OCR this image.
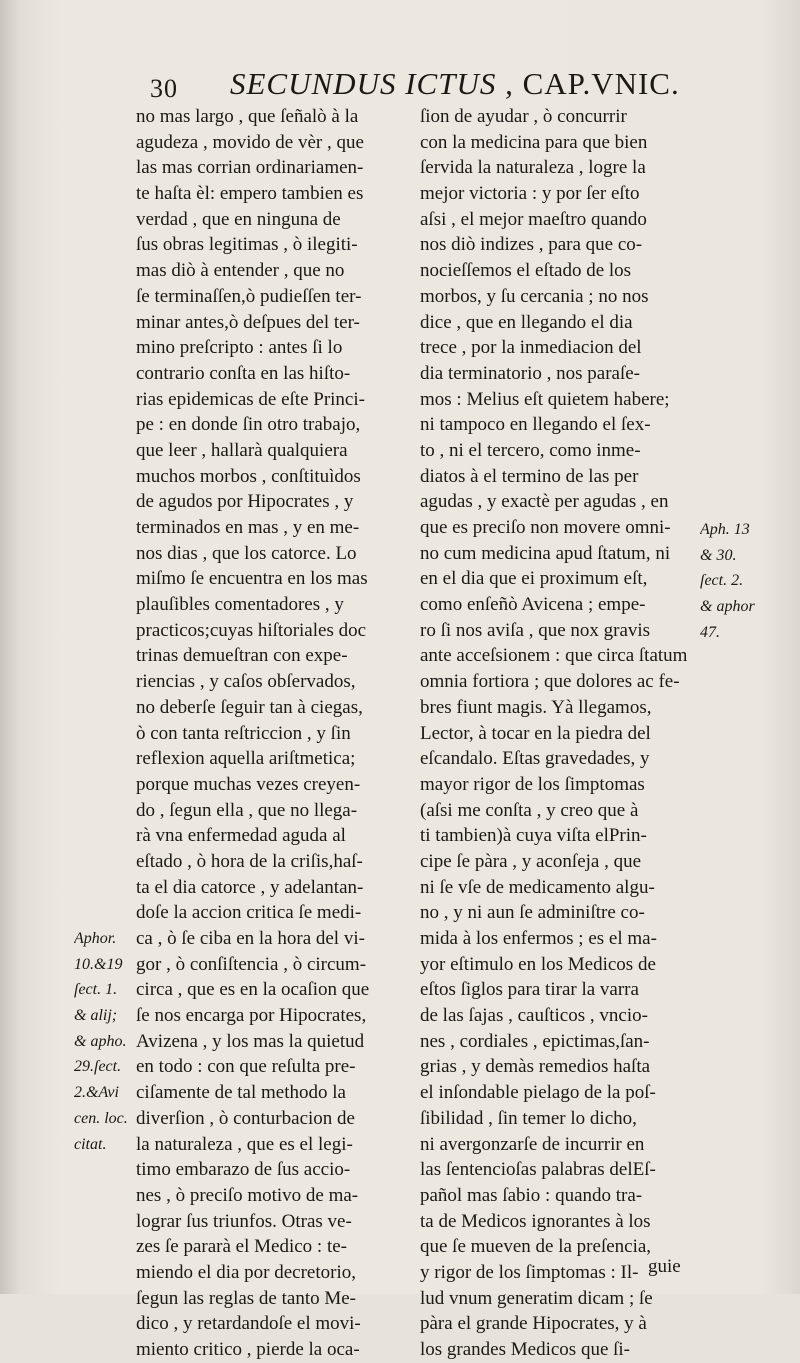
30 SECUNDUS ICTUS , CAP.VNIC.
no mas largo , que ſeñalò à la
agudeza , movido de vèr , que
las mas corrian ordinariamen-
te haſta èl: empero tambien es
verdad , que en ninguna de
ſus obras legitimas , ò ilegiti-
mas diò à entender , que no
ſe terminaſſen,ò pudieſſen ter-
minar antes,ò deſpues del ter-
mino preſcripto : antes ſi lo
contrario conſta en las hiſto-
rias epidemicas de eſte Princi-
pe : en donde ſin otro trabajo,
que leer , hallarà qualquiera
muchos morbos , conſtituìdos
de agudos por Hipocrates , y
terminados en mas , y en me-
nos dias , que los catorce. Lo
miſmo ſe encuentra en los mas
plauſibles comentadores , y
practicos;cuyas hiſtoriales doc
trinas demueſtran con expe-
riencias , y caſos obſervados,
no deberſe ſeguir tan à ciegas,
ò con tanta reſtriccion , y ſin
reflexion aquella ariſtmetica;
porque muchas vezes creyen-
do , ſegun ella , que no llega-
rà vna enfermedad aguda al
eſtado , ò hora de la criſis,haſ-
ta el dia catorce , y adelantan-
doſe la accion critica ſe medi-
ca , ò ſe ciba en la hora del vi-
gor , ò conſiſtencia , ò circum-
circa , que es en la ocaſion que
ſe nos encarga por Hipocrates,
Avizena , y los mas la quietud
en todo : con que reſulta pre-
ciſamente de tal methodo la
diverſion , ò conturbacion de
la naturaleza , que es el legi-
timo embarazo de ſus accio-
nes , ò preciſo motivo de ma-
lograr ſus triunfos. Otras ve-
zes ſe pararà el Medico : te-
miendo el dia por decretorio,
ſegun las reglas de tanto Me-
dico , y retardandoſe el movi-
miento critico , pierde la oca-
ſion de ayudar , ò concurrir
con la medicina para que bien
ſervida la naturaleza , logre la
mejor victoria : y por ſer eſto
aſsi , el mejor maeſtro quando
nos diò indizes , para que co-
nocieſſemos el eſtado de los
morbos, y ſu cercania ; no nos
dice , que en llegando el dia
trece , por la inmediacion del
dia terminatorio , nos paraſe-
mos : Melius eſt quietem habere;
ni tampoco en llegando el ſex-
to , ni el tercero, como inme-
diatos à el termino de las per
agudas , y exactè per agudas , en
que es preciſo non movere omni-
no cum medicina apud ſtatum, ni
en el dia que ei proximum eſt,
como enſeñò Avicena ; empe-
ro ſi nos aviſa , que nox gravis
ante acceſsionem : que circa ſtatum
omnia fortiora ; que dolores ac fe-
bres fiunt magis. Yà llegamos,
Lector, à tocar en la piedra del
eſcandalo. Eſtas gravedades, y
mayor rigor de los ſimptomas
(aſsi me conſta , y creo que à
ti tambien)à cuya viſta elPrin-
cipe ſe pàra , y aconſeja , que
ni ſe vſe de medicamento algu-
no , y ni aun ſe adminiſtre co-
mida à los enfermos ; es el ma-
yor eſtimulo en los Medicos de
eſtos ſiglos para tirar la varra
de las ſajas , cauſticos , vncio-
nes , cordiales , epictimas,ſan-
grias , y demàs remedios haſta
el inſondable pielago de la poſ-
ſibilidad , ſin temer lo dicho,
ni avergonzarſe de incurrir en
las ſentencioſas palabras delEſ-
pañol mas ſabio : quando tra-
ta de Medicos ignorantes à los
que ſe mueven de la preſencia,
y rigor de los ſimptomas : Il-
lud vnum generatim dicam ; ſe
pàra el grande Hipocrates, y à
los grandes Medicos que ſi-
Aphor.
10.&19
ſect. 1.
& alij;
& apho.
29.ſect.
2.&Avi
cen. loc.
citat.
Aph. 13
& 30.
ſect. 2.
& aphor
47.
guie
